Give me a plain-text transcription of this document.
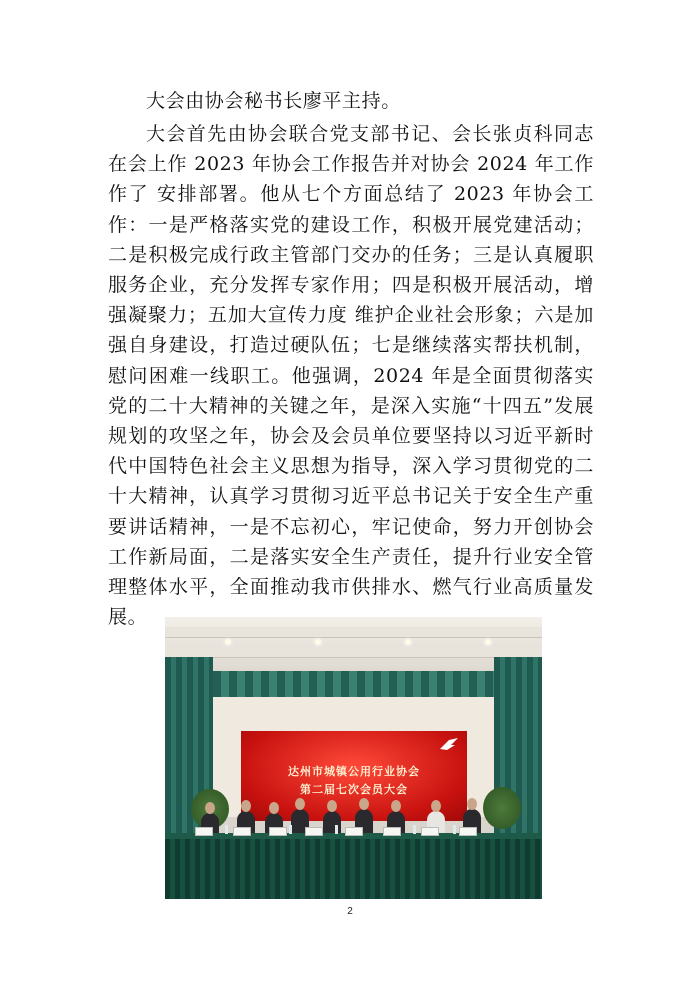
大会由协会秘书长廖平主持。

大会首先由协会联合党支部书记、会长张贞科同志在会上作 2023 年协会工作报告并对协会 2024 年工作作了 安排部署。他从七个方面总结了 2023 年协会工作：一是严格落实党的建设工作，积极开展党建活动；二是积极完成行政主管部门交办的任务；三是认真履职服务企业，充分发挥专家作用；四是积极开展活动，增强凝聚力；五加大宣传力度 维护企业社会形象；六是加强自身建设，打造过硬队伍；七是继续落实帮扶机制，慰问困难一线职工。他强调，2024 年是全面贯彻落实党的二十大精神的关键之年，是深入实施“十四五”发展规划的攻坚之年，协会及会员单位要坚持以习近平新时代中国特色社会主义思想为指导，深入学习贯彻党的二十大精神，认真学习贯彻习近平总书记关于安全生产重要讲话精神，一是不忘初心，牢记使命，努力开创协会工作新局面，二是落实安全生产责任，提升行业安全管理整体水平，全面推动我市供排水、燃气行业高质量发展。

达州市城镇公用行业协会
第二届七次会员大会
2
